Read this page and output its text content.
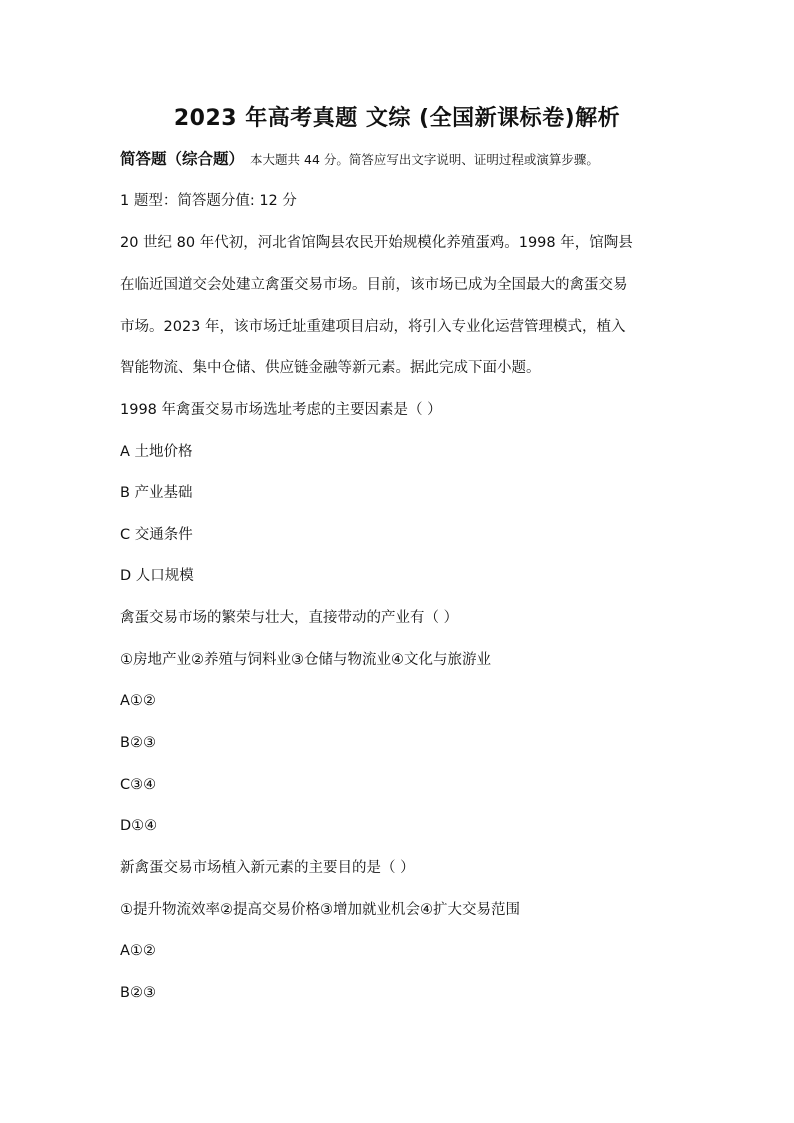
2023 年高考真题 文综 (全国新课标卷)解析
简答题（综合题） 本大题共 44 分。简答应写出文字说明、证明过程或演算步骤。
1 题型：简答题分值: 12 分
20 世纪 80 年代初，河北省馆陶县农民开始规模化养殖蛋鸡。1998 年，馆陶县
在临近国道交会处建立禽蛋交易市场。目前，该市场已成为全国最大的禽蛋交易
市场。2023 年，该市场迁址重建项目启动，将引入专业化运营管理模式，植入
智能物流、集中仓储、供应链金融等新元素。据此完成下面小题。
1998 年禽蛋交易市场选址考虑的主要因素是（ ）
A 土地价格
B 产业基础
C 交通条件
D 人口规模
禽蛋交易市场的繁荣与壮大，直接带动的产业有（ ）
①房地产业②养殖与饲料业③仓储与物流业④文化与旅游业
A①②
B②③
C③④
D①④
新禽蛋交易市场植入新元素的主要目的是（ ）
①提升物流效率②提高交易价格③增加就业机会④扩大交易范围
A①②
B②③
